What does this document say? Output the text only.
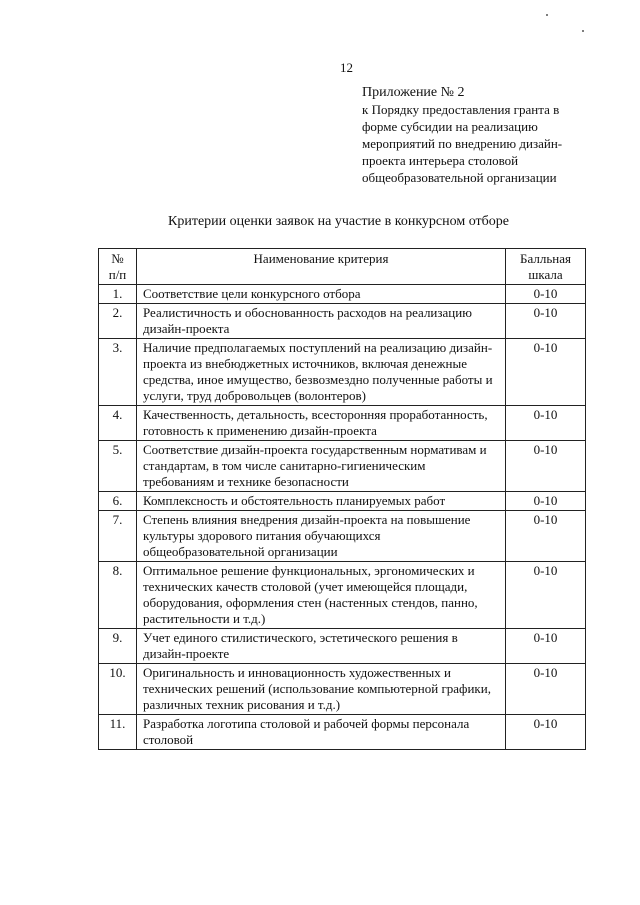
12
Приложение № 2
к Порядку предоставления гранта в
форме субсидии на реализацию
мероприятий по внедрению дизайн-
проекта интерьера столовой
общеобразовательной организации
Критерии оценки заявок на участие в конкурсном отборе
№ п/п	Наименование критерия	Балльная шкала
1.	Соответствие цели конкурсного отбора	0-10
2.	Реалистичность и обоснованность расходов на реализацию дизайн-проекта	0-10
3.	Наличие предполагаемых поступлений на реализацию дизайн-проекта из внебюджетных источников, включая денежные средства, иное имущество, безвозмездно полученные работы и услуги, труд добровольцев (волонтеров)	0-10
4.	Качественность, детальность, всесторонняя проработанность, готовность к применению дизайн-проекта	0-10
5.	Соответствие дизайн-проекта государственным нормативам и стандартам, в том числе санитарно-гигиеническим требованиям и технике безопасности	0-10
6.	Комплексность и обстоятельность планируемых работ	0-10
7.	Степень влияния внедрения дизайн-проекта на повышение культуры здорового питания обучающихся общеобразовательной организации	0-10
8.	Оптимальное решение функциональных, эргономических и технических качеств столовой (учет имеющейся площади, оборудования, оформления стен (настенных стендов, панно, растительности и т.д.)	0-10
9.	Учет единого стилистического, эстетического решения в дизайн-проекте	0-10
10.	Оригинальность и инновационность художественных и технических решений (использование компьютерной графики, различных техник рисования и т.д.)	0-10
11.	Разработка логотипа столовой и рабочей формы персонала столовой	0-10
